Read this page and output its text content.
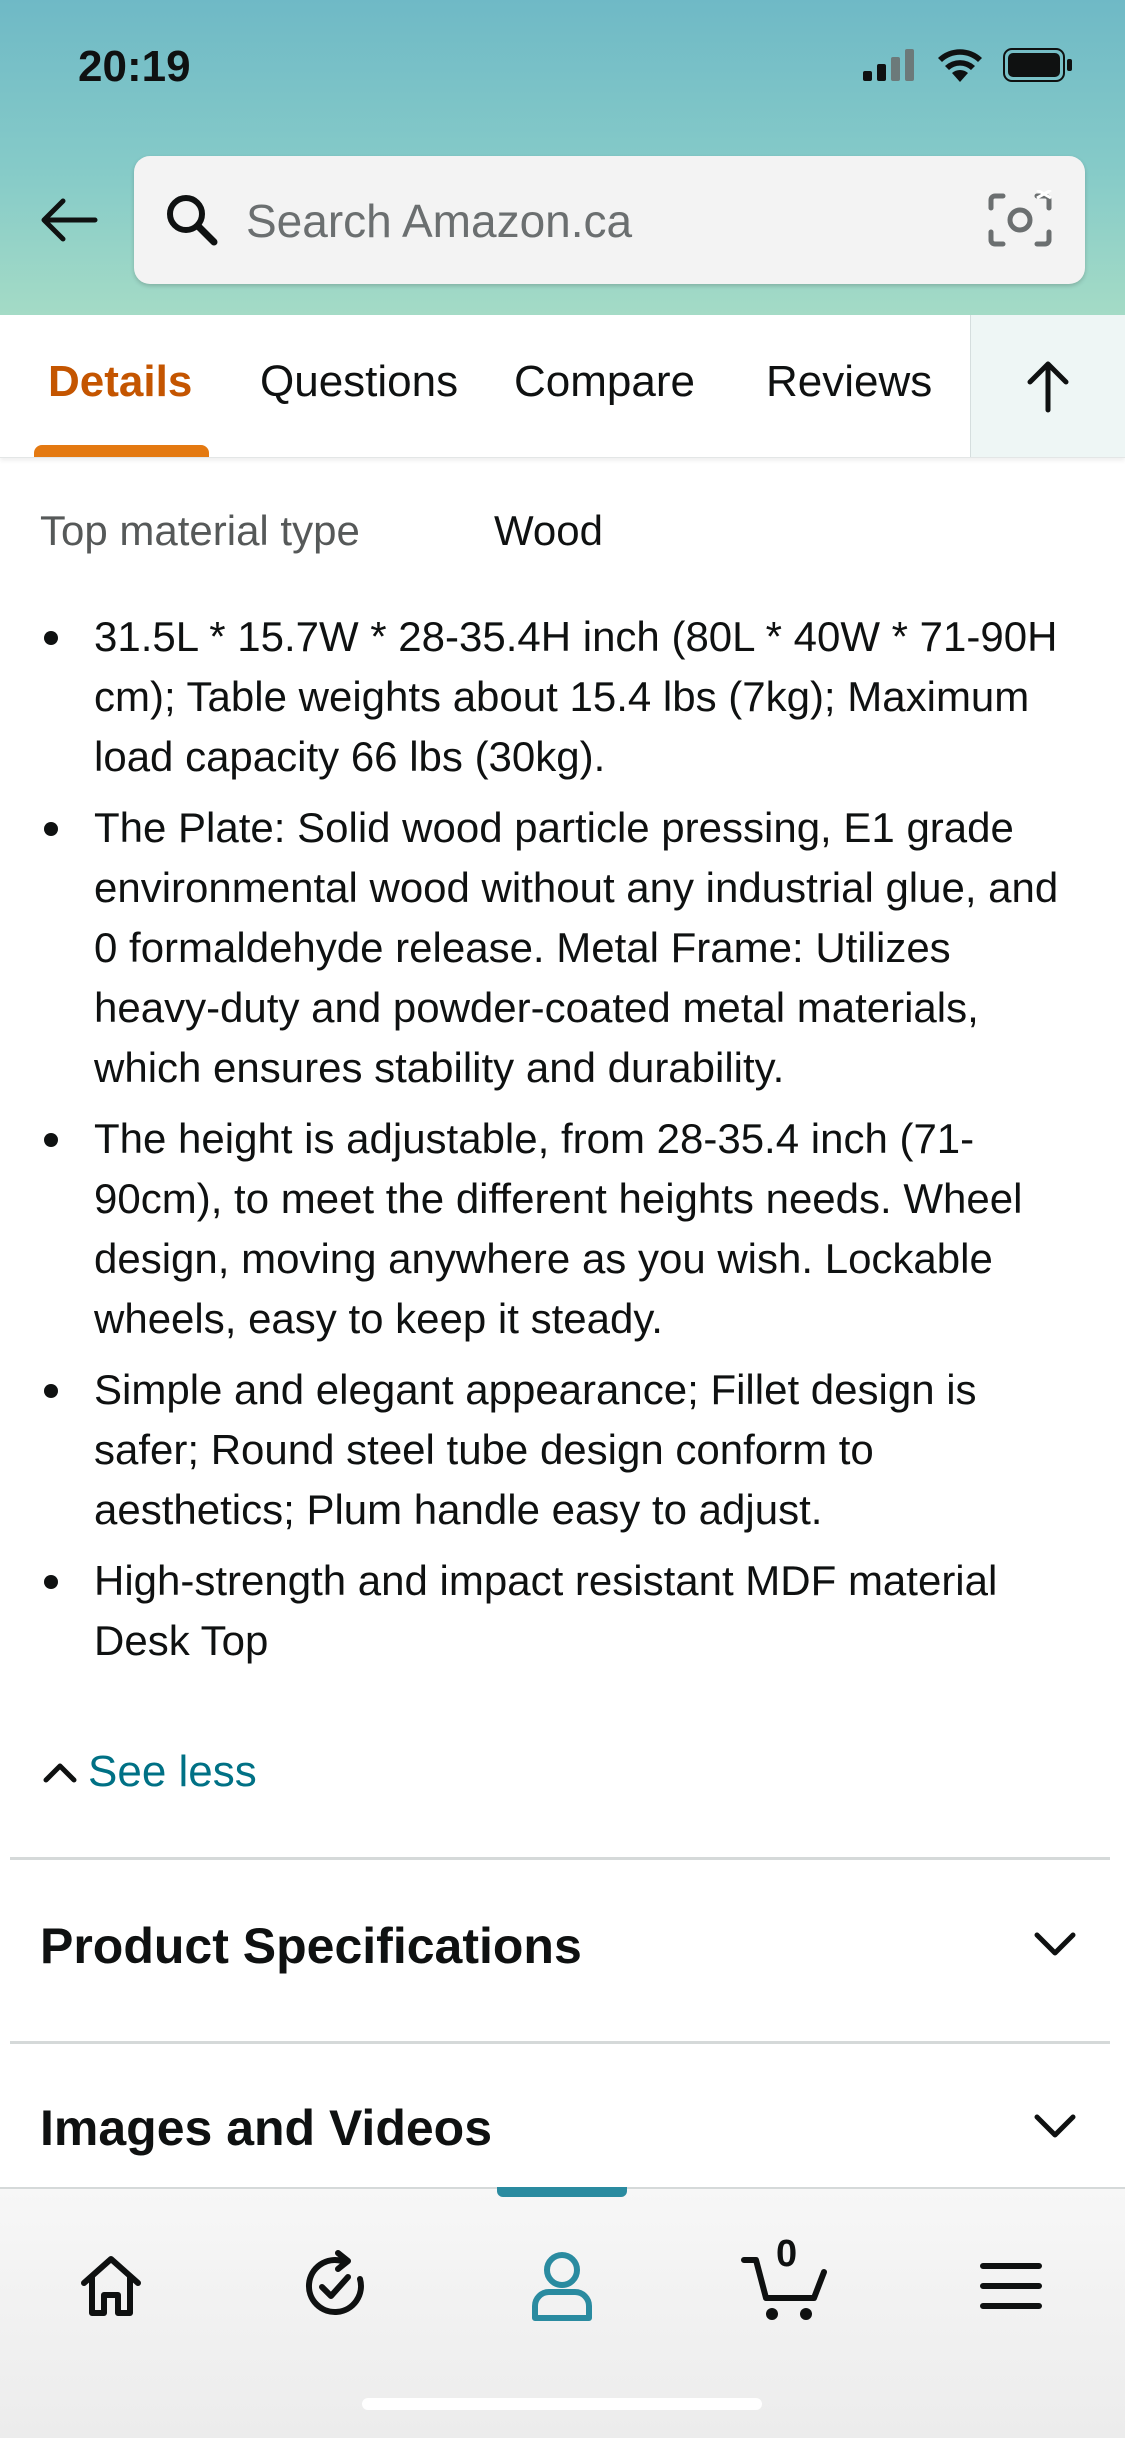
20:19
Search Amazon.ca
Details Questions Compare Reviews
Top material type	Wood
31.5L * 15.7W * 28-35.4H inch (80L * 40W * 71-90H cm); Table weights about 15.4 lbs (7kg); Maximum load capacity 66 lbs (30kg).
The Plate: Solid wood particle pressing, E1 grade environmental wood without any industrial glue, and 0 formaldehyde release. Metal Frame: Utilizes heavy-duty and powder-coated metal materials, which ensures stability and durability.
The height is adjustable, from 28-35.4 inch (71-90cm), to meet the different heights needs. Wheel design, moving anywhere as you wish. Lockable wheels, easy to keep it steady.
Simple and elegant appearance; Fillet design is safer; Round steel tube design conform to aesthetics; Plum handle easy to adjust.
High-strength and impact resistant MDF material Desk Top
See less
Product Specifications
Images and Videos
0
